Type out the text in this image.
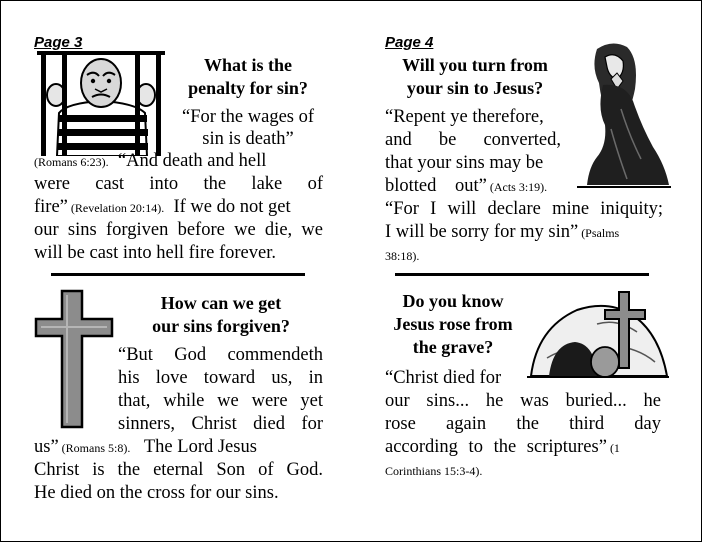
Page 3
What is the
penalty for sin?
“For the wages of
sin is death”
(Romans 6:23).  “And death and hell
were cast into the lake of
fire” (Revelation 20:14).  If we do not get
our sins forgiven before we die, we
will be cast into hell fire forever.
How can we get
our sins forgiven?
“But God commendeth
his love toward us, in
that, while we were yet
sinners, Christ died for
us” (Romans 5:8).   The Lord Jesus
Christ is the eternal Son of God.
He died on the cross for our sins.
Page 4
Will you turn from
your sin to Jesus?
“Repent ye therefore,
and be converted,
that your sins may be
blotted out” (Acts 3:19).
“For I will declare mine iniquity;
I will be sorry for my sin” (Psalms
38:18).
Do you know
Jesus rose from
the grave?
“Christ died for
our sins... he was buried... he
rose again the third day
according to the scriptures” (1
Corinthians 15:3-4).
